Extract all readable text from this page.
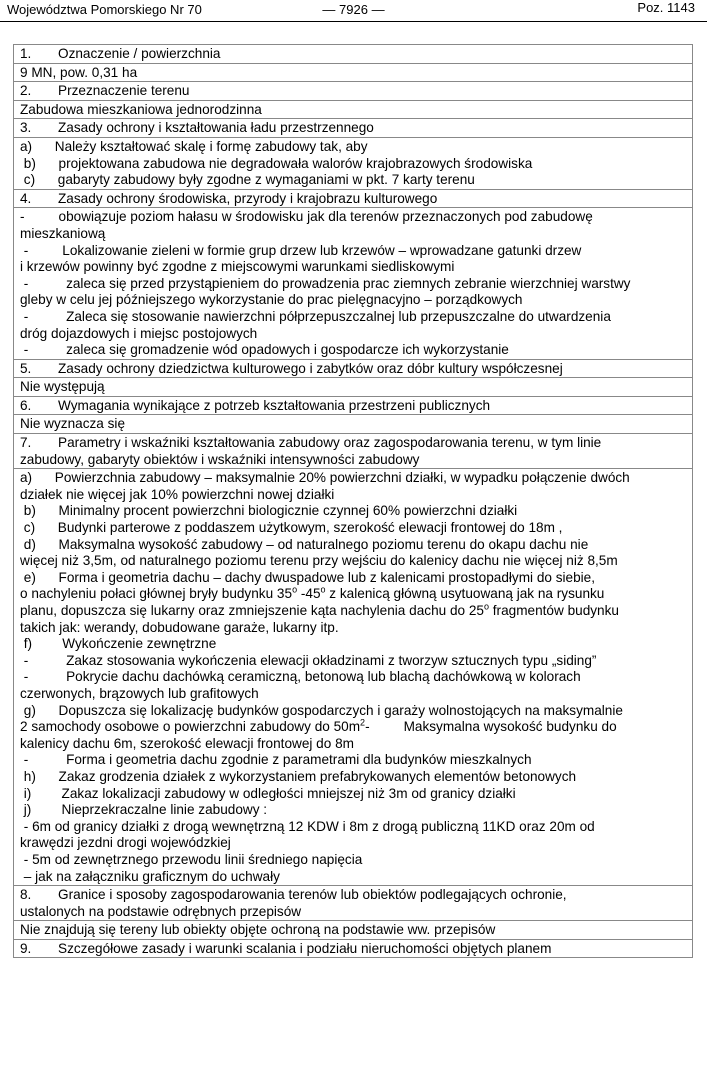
Województwa Pomorskiego Nr 70	— 7926 —	Poz. 1143
1. Oznaczenie / powierzchnia
9 MN, pow. 0,31 ha
2. Przeznaczenie terenu
Zabudowa mieszkaniowa jednorodzinna
3. Zasady ochrony i kształtowania ładu przestrzennego
a)      Należy kształtować skalę i formę zabudowy tak, aby
b)      projektowana zabudowa nie degradowała walorów krajobrazowych środowiska
c)      gabaryty zabudowy były zgodne z wymaganiami w pkt. 7 karty terenu
4. Zasady ochrony środowiska, przyrody i krajobrazu kulturowego
-         obowiązuje poziom hałasu w środowisku jak dla terenów przeznaczonych pod zabudowę
mieszkaniową
-         Lokalizowanie zieleni w formie grup drzew lub krzewów – wprowadzane gatunki drzew
i krzewów powinny być zgodne z miejscowymi warunkami siedliskowymi
-          zaleca się przed przystąpieniem do prowadzenia prac ziemnych zebranie wierzchniej warstwy
gleby w celu jej późniejszego wykorzystanie do prac pielęgnacyjno – porządkowych
-          Zaleca się stosowanie nawierzchni półprzepuszczalnej lub przepuszczalne do utwardzenia
dróg dojazdowych i miejsc postojowych
-          zaleca się gromadzenie wód opadowych i gospodarcze ich wykorzystanie
5. Zasady ochrony dziedzictwa kulturowego i zabytków oraz dóbr kultury współczesnej
Nie występują
6. Wymagania wynikające z potrzeb kształtowania przestrzeni publicznych
Nie wyznacza się
7. Parametry i wskaźniki kształtowania zabudowy oraz zagospodarowania terenu, w tym linie
zabudowy, gabaryty obiektów i wskaźniki intensywności zabudowy
a)      Powierzchnia zabudowy – maksymalnie 20% powierzchni działki, w wypadku połączenie dwóch
działek nie więcej jak 10% powierzchni nowej działki
b)      Minimalny procent powierzchni biologicznie czynnej 60% powierzchni działki
c)      Budynki parterowe z poddaszem użytkowym, szerokość elewacji frontowej do 18m ,
d)      Maksymalna wysokość zabudowy – od naturalnego poziomu terenu do okapu dachu nie
więcej niż 3,5m, od naturalnego poziomu terenu przy wejściu do kalenicy dachu nie więcej niż 8,5m
e)      Forma i geometria dachu – dachy dwuspadowe lub z kalenicami prostopadłymi do siebie,
o nachyleniu połaci głównej bryły budynku 35$^o$ -45$^o$ z kalenicą główną usytuowaną jak na rysunku
planu, dopuszcza się lukarny oraz zmniejszenie kąta nachylenia dachu do 25$^o$ fragmentów budynku
takich jak: werandy, dobudowane garaże, lukarny itp.
f)        Wykończenie zewnętrzne
-          Zakaz stosowania wykończenia elewacji okładzinami z tworzyw sztucznych typu „siding”
-          Pokrycie dachu dachówką ceramiczną, betonową lub blachą dachówkową w kolorach
czerwonych, brązowych lub grafitowych
g)      Dopuszcza się lokalizację budynków gospodarczych i garaży wolnostojących na maksymalnie
2 samochody osobowe o powierzchni zabudowy do $50m^2-$         Maksymalna wysokość budynku do
kalenicy dachu 6m, szerokość elewacji frontowej do 8m
-          Forma i geometria dachu zgodnie z parametrami dla budynków mieszkalnych
h)      Zakaz grodzenia działek z wykorzystaniem prefabrykowanych elementów betonowych
i)        Zakaz lokalizacji zabudowy w odległości mniejszej niż 3m od granicy działki
j)        Nieprzekraczalne linie zabudowy :
- 6m od granicy działki z drogą wewnętrzną 12 KDW i 8m z drogą publiczną 11KD oraz 20m od
krawędzi jezdni drogi wojewódzkiej
- 5m od zewnętrznego przewodu linii średniego napięcia
– jak na załączniku graficznym do uchwały
8. Granice i sposoby zagospodarowania terenów lub obiektów podlegających ochronie,
ustalonych na podstawie odrębnych przepisów
Nie znajdują się tereny lub obiekty objęte ochroną na podstawie ww. przepisów
9. Szczegółowe zasady i warunki scalania i podziału nieruchomości objętych planem
